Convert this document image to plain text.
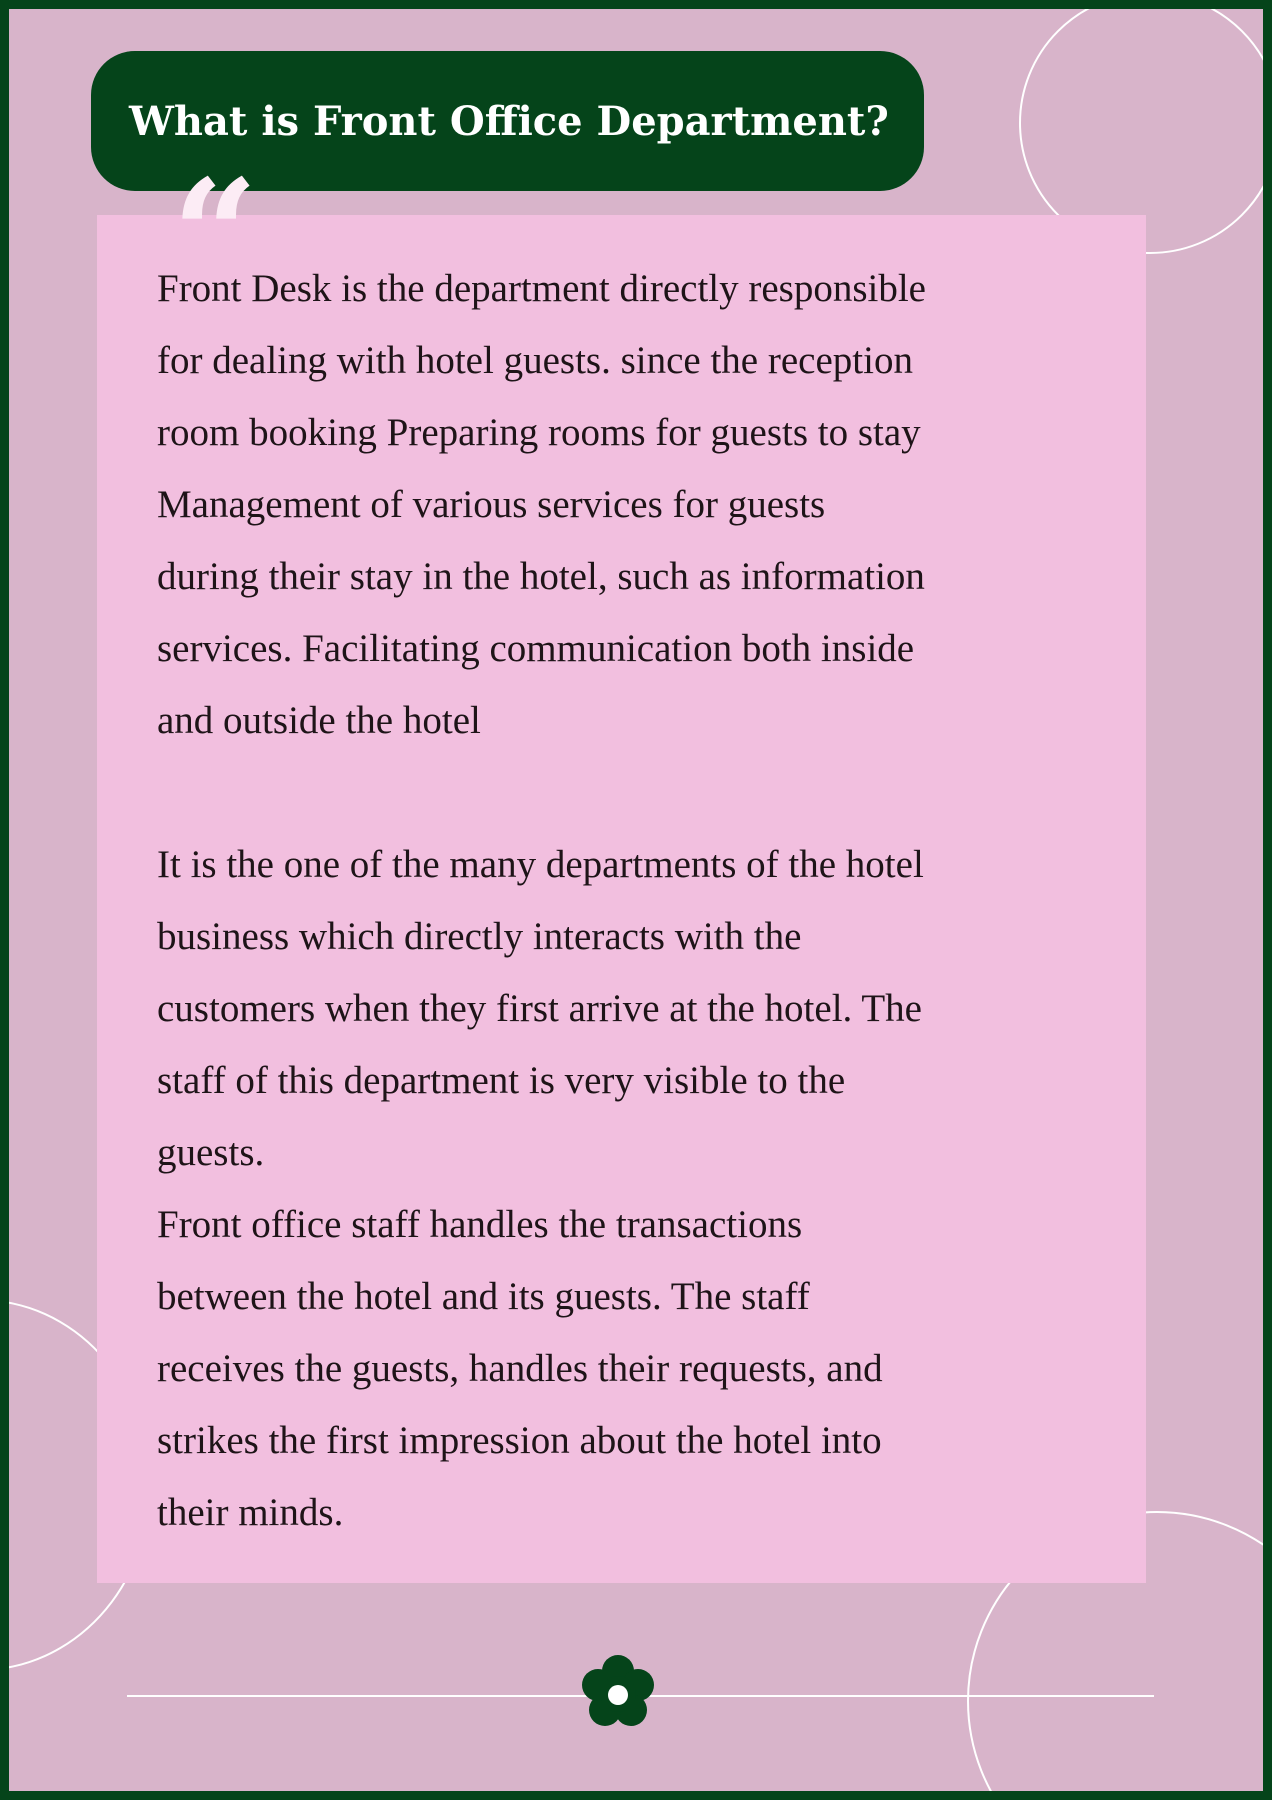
What is Front Office Department?
“

Front Desk is the department directly responsible

for dealing with hotel guests. since the reception

room booking Preparing rooms for guests to stay

Management of various services for guests

during their stay in the hotel, such as information

services. Facilitating communication both inside

and outside the hotel

It is the one of the many departments of the hotel

business which directly interacts with the

customers when they first arrive at the hotel. The

staff of this department is very visible to the

guests.

Front office staff handles the transactions

between the hotel and its guests. The staff

receives the guests, handles their requests, and

strikes the first impression about the hotel into

their minds.
